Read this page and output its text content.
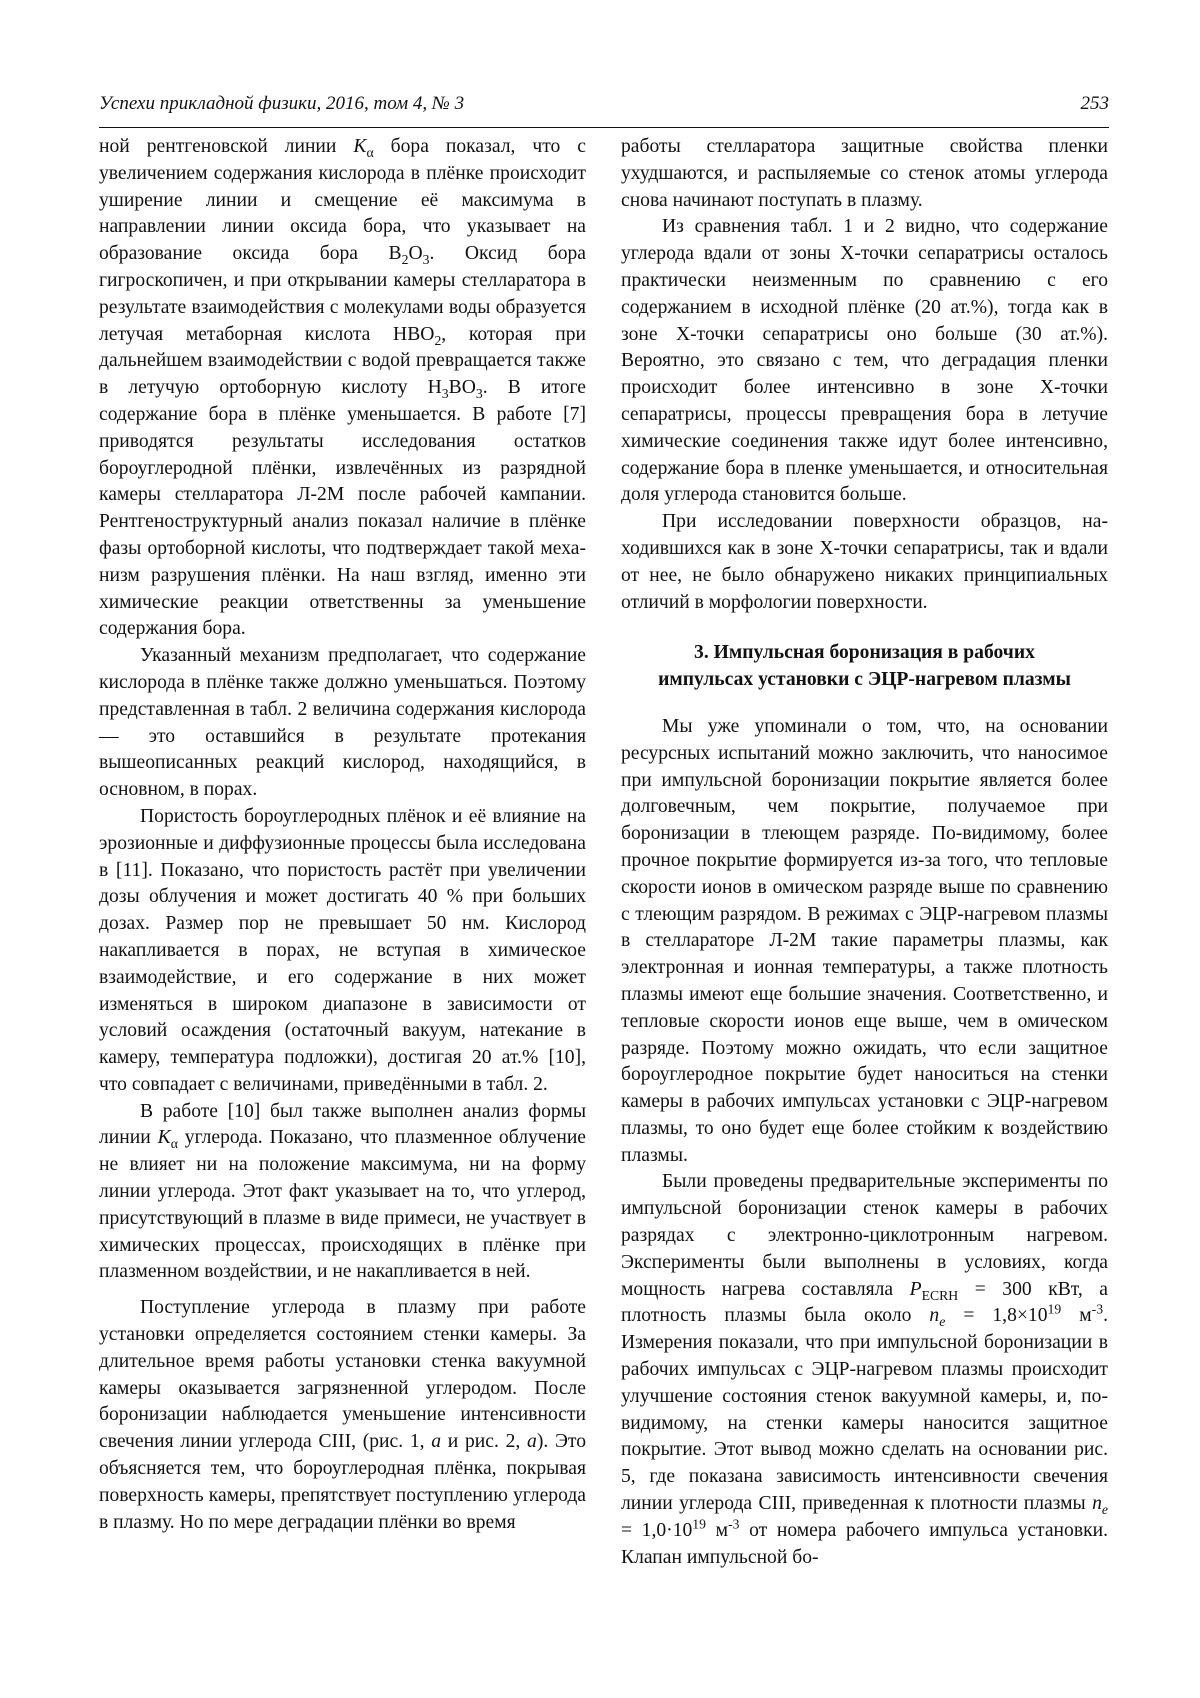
Успехи прикладной физики, 2016, том 4, № 3	253

ной рентгеновской линии $K_\alpha$ бора показал, что с увеличением содержания кислорода в плёнке происходит уширение линии и смещение её максимума в направлении линии оксида бора, что указывает на образование оксида бора $B_2O_3$. Оксид бора гигроскопичен, и при открывании камеры стелларатора в результате взаимодействия с молекулами воды образуется летучая метаборная кислота $HBO_2$, которая при дальнейшем взаимодействии с водой превращается также в летучую ортоборную кислоту $H_3BO_3$. В итоге содержание бора в плёнке уменьшается. В работе [7] приводятся результаты исследования остатков бороуглеродной плёнки, извлечённых из разрядной камеры стелларатора Л-2М после рабочей кампании. Рентгеноструктурный анализ показал наличие в плёнке фазы ортоборной кислоты, что подтверждает такой механизм разрушения плёнки. На наш взгляд, именно эти химические реакции ответственны за уменьшение содержания бора.

Указанный механизм предполагает, что содержание кислорода в плёнке также должно уменьшаться. Поэтому представленная в табл. 2 величина содержания кислорода — это оставшийся в результате протекания вышеописанных реакций кислород, находящийся, в основном, в порах.

Пористость бороуглеродных плёнок и её влияние на эрозионные и диффузионные процессы была исследована в [11]. Показано, что пористость растёт при увеличении дозы облучения и может достигать 40 % при больших дозах. Размер пор не превышает 50 нм. Кислород накапливается в порах, не вступая в химическое взаимодействие, и его содержание в них может изменяться в широком диапазоне в зависимости от условий осаждения (остаточный вакуум, натекание в камеру, температура подложки), достигая 20 ат.% [10], что совпадает с величинами, приведёнными в табл. 2.

В работе [10] был также выполнен анализ формы линии $K_\alpha$ углерода. Показано, что плазменное облучение не влияет ни на положение максимума, ни на форму линии углерода. Этот факт указывает на то, что углерод, присутствующий в плазме в виде примеси, не участвует в химических процессах, происходящих в плёнке при плазменном воздействии, и не накапливается в ней.

Поступление углерода в плазму при работе установки определяется состоянием стенки камеры. За длительное время работы установки стенка вакуумной камеры оказывается загрязненной углеродом. После боронизации наблюдается уменьшение интенсивности свечения линии углерода CIII, (рис. 1, a и рис. 2, a). Это объясняется тем, что бороуглеродная плёнка, покрывая поверхность камеры, препятствует поступлению углерода в плазму. Но по мере деградации плёнки во время

работы стелларатора защитные свойства пленки ухудшаются, и распыляемые со стенок атомы углерода снова начинают поступать в плазму.

Из сравнения табл. 1 и 2 видно, что содержание углерода вдали от зоны X-точки сепаратрисы осталось практически неизменным по сравнению с его содержанием в исходной плёнке (20 ат.%), тогда как в зоне X-точки сепаратрисы оно больше (30 ат.%). Вероятно, это связано с тем, что деградация пленки происходит более интенсивно в зоне X-точки сепаратрисы, процессы превращения бора в летучие химические соединения также идут более интенсивно, содержание бора в пленке уменьшается, и относительная доля углерода становится больше.

При исследовании поверхности образцов, находившихся как в зоне X-точки сепаратрисы, так и вдали от нее, не было обнаружено никаких принципиальных отличий в морфологии поверхности.

3. Импульсная боронизация в рабочих
импульсах установки с ЭЦР-нагревом плазмы

Мы уже упоминали о том, что, на основании ресурсных испытаний можно заключить, что наносимое при импульсной боронизации покрытие является более долговечным, чем покрытие, получаемое при боронизации в тлеющем разряде. По-видимому, более прочное покрытие формируется из-за того, что тепловые скорости ионов в омическом разряде выше по сравнению с тлеющим разрядом. В режимах с ЭЦР-нагревом плазмы в стеллараторе Л-2М такие параметры плазмы, как электронная и ионная температуры, а также плотность плазмы имеют еще большие значения. Соответственно, и тепловые скорости ионов еще выше, чем в омическом разряде. Поэтому можно ожидать, что если защитное бороуглеродное покрытие будет наноситься на стенки камеры в рабочих импульсах установки с ЭЦР-нагревом плазмы, то оно будет еще более стойким к воздействию плазмы.

Были проведены предварительные эксперименты по импульсной боронизации стенок камеры в рабочих разрядах с электронно-циклотронным нагревом. Эксперименты были выполнены в условиях, когда мощность нагрева составляла $P_{ECRH} = 300$ кВт, а плотность плазмы была около $n_e = 1,8\times 10^{19}$ $м^{-3}$. Измерения показали, что при импульсной боронизации в рабочих импульсах с ЭЦР-нагревом плазмы происходит улучшение состояния стенок вакуумной камеры, и, повидимому, на стенки камеры наносится защитное покрытие. Этот вывод можно сделать на основании рис. 5, где показана зависимость интенсивности свечения линии углерода CIII, приведенная к плотности плазмы $n_e = 1,0\cdot 10^{19}$ $м^{-3}$ от номера рабочего импульса установки. Клапан импульсной бо-
